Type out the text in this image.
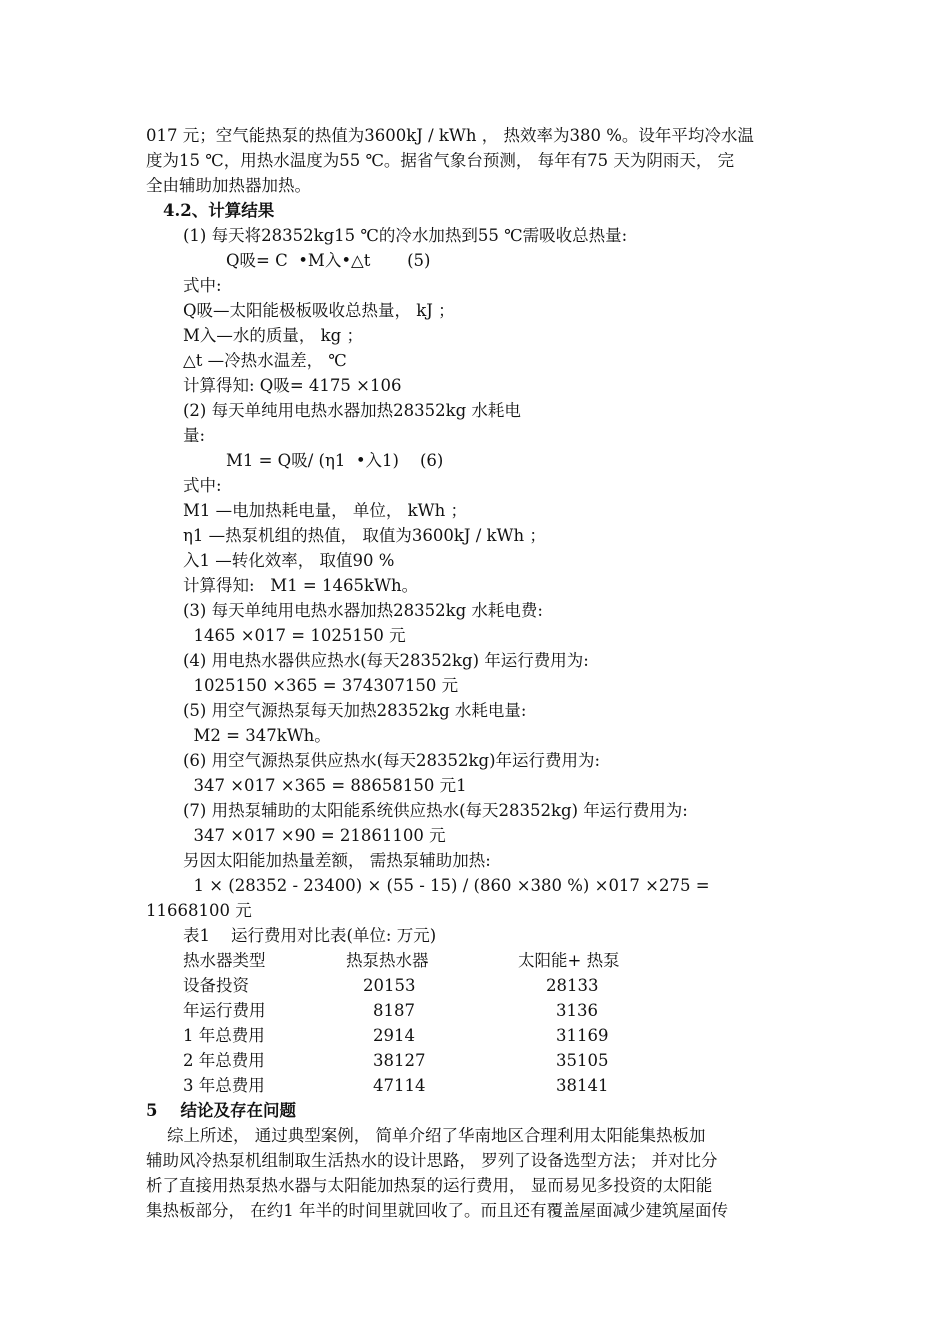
017 元；空气能热泵的热值为3600kJ / kWh ， 热效率为380 %。设年平均冷水温

度为15 ℃，用热水温度为55 ℃。据省气象台预测， 每年有75 天为阴雨天， 完

全由辅助加热器加热。

4.2、计算结果

(1) 每天将28352kg15 ℃的冷水加热到55 ℃需吸收总热量:

Q吸= C  •M入•△t       (5)

式中:

Q吸—太阳能极板吸收总热量， kJ ；

M入—水的质量， kg ；

△t —冷热水温差， ℃

计算得知: Q吸= 4175 ×106

(2) 每天单纯用电热水器加热28352kg 水耗电

量:

M1 = Q吸/ (η1  •入1)    (6)

式中:

M1 —电加热耗电量， 单位， kWh ；

η1 —热泵机组的热值， 取值为3600kJ / kWh ；

入1 —转化效率， 取值90 %

计算得知:   M1 = 1465kWh。

(3) 每天单纯用电热水器加热28352kg 水耗电费:

1465 ×017 = 1025150 元

(4) 用电热水器供应热水(每天28352kg) 年运行费用为:

1025150 ×365 = 374307150 元

(5) 用空气源热泵每天加热28352kg 水耗电量:

M2 = 347kWh。

(6) 用空气源热泵供应热水(每天28352kg)年运行费用为:

347 ×017 ×365 = 88658150 元1

(7) 用热泵辅助的太阳能系统供应热水(每天28352kg) 年运行费用为:

347 ×017 ×90 = 21861100 元

另因太阳能加热量差额， 需热泵辅助加热:

1 × (28352 - 23400) × (55 - 15) / (860 ×380 %) ×017 ×275 =

11668100 元

表1    运行费用对比表(单位: 万元)

热水器类型	热泵热水器	太阳能+ 热泵
设备投资	20153	28133
年运行费用	8187	3136
1 年总费用	2914	31169
2 年总费用	38127	35105
3 年总费用	47114	38141

5    结论及存在问题

综上所述， 通过典型案例， 简单介绍了华南地区合理利用太阳能集热板加

辅助风冷热泵机组制取生活热水的设计思路， 罗列了设备选型方法； 并对比分

析了直接用热泵热水器与太阳能加热泵的运行费用， 显而易见多投资的太阳能

集热板部分， 在约1 年半的时间里就回收了。而且还有覆盖屋面减少建筑屋面传
